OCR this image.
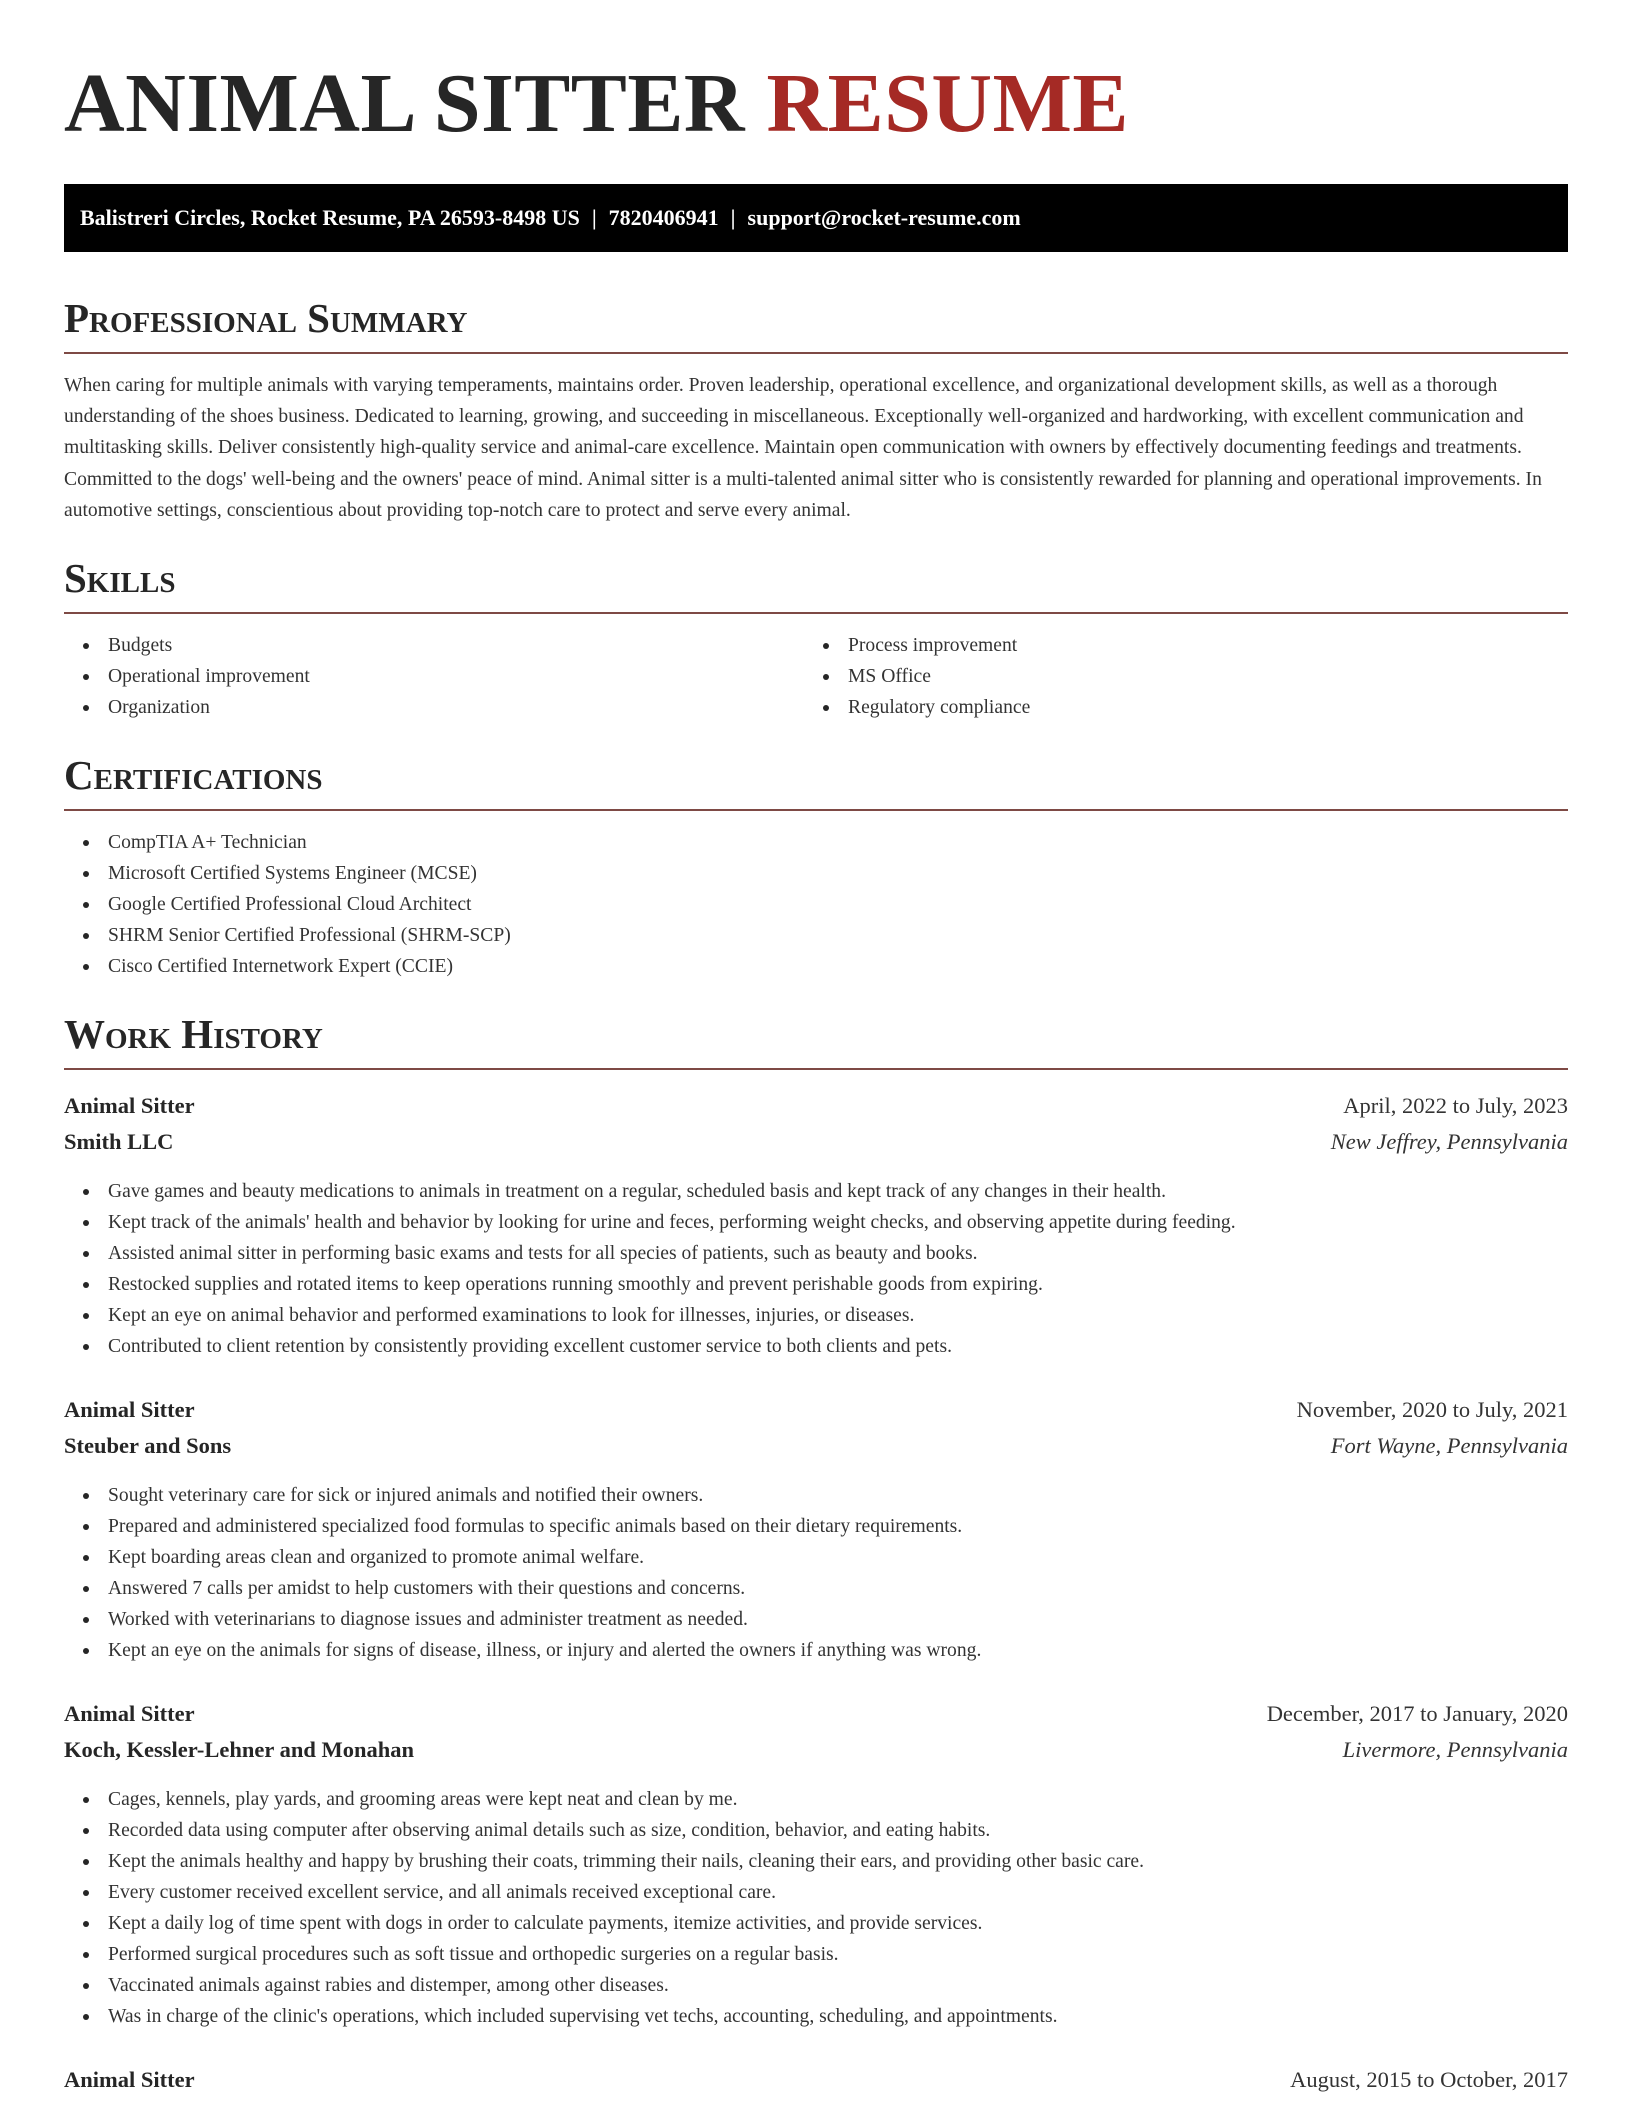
ANIMAL SITTER RESUME
Balistreri Circles, Rocket Resume, PA 26593-8498 US | 7820406941 | support@rocket-resume.com
Professional Summary

When caring for multiple animals with varying temperaments, maintains order. Proven leadership, operational excellence, and organizational development skills, as well as a thorough understanding of the shoes business. Dedicated to learning, growing, and succeeding in miscellaneous. Exceptionally well-organized and hardworking, with excellent communication and multitasking skills. Deliver consistently high-quality service and animal-care excellence. Maintain open communication with owners by effectively documenting feedings and treatments. Committed to the dogs' well-being and the owners' peace of mind. Animal sitter is a multi-talented animal sitter who is consistently rewarded for planning and operational improvements. In automotive settings, conscientious about providing top-notch care to protect and serve every animal.

Skills
Budgets
Operational improvement
Organization
Process improvement
MS Office
Regulatory compliance
Certifications
CompTIA A+ Technician
Microsoft Certified Systems Engineer (MCSE)
Google Certified Professional Cloud Architect
SHRM Senior Certified Professional (SHRM-SCP)
Cisco Certified Internetwork Expert (CCIE)
Work History
Animal Sitter	April, 2022 to July, 2023
Smith LLC	New Jeffrey, Pennsylvania
Gave games and beauty medications to animals in treatment on a regular, scheduled basis and kept track of any changes in their health.
Kept track of the animals' health and behavior by looking for urine and feces, performing weight checks, and observing appetite during feeding.
Assisted animal sitter in performing basic exams and tests for all species of patients, such as beauty and books.
Restocked supplies and rotated items to keep operations running smoothly and prevent perishable goods from expiring.
Kept an eye on animal behavior and performed examinations to look for illnesses, injuries, or diseases.
Contributed to client retention by consistently providing excellent customer service to both clients and pets.
Animal Sitter	November, 2020 to July, 2021
Steuber and Sons	Fort Wayne, Pennsylvania
Sought veterinary care for sick or injured animals and notified their owners.
Prepared and administered specialized food formulas to specific animals based on their dietary requirements.
Kept boarding areas clean and organized to promote animal welfare.
Answered 7 calls per amidst to help customers with their questions and concerns.
Worked with veterinarians to diagnose issues and administer treatment as needed.
Kept an eye on the animals for signs of disease, illness, or injury and alerted the owners if anything was wrong.
Animal Sitter	December, 2017 to January, 2020
Koch, Kessler-Lehner and Monahan	Livermore, Pennsylvania
Cages, kennels, play yards, and grooming areas were kept neat and clean by me.
Recorded data using computer after observing animal details such as size, condition, behavior, and eating habits.
Kept the animals healthy and happy by brushing their coats, trimming their nails, cleaning their ears, and providing other basic care.
Every customer received excellent service, and all animals received exceptional care.
Kept a daily log of time spent with dogs in order to calculate payments, itemize activities, and provide services.
Performed surgical procedures such as soft tissue and orthopedic surgeries on a regular basis.
Vaccinated animals against rabies and distemper, among other diseases.
Was in charge of the clinic's operations, which included supervising vet techs, accounting, scheduling, and appointments.
Animal Sitter	August, 2015 to October, 2017
